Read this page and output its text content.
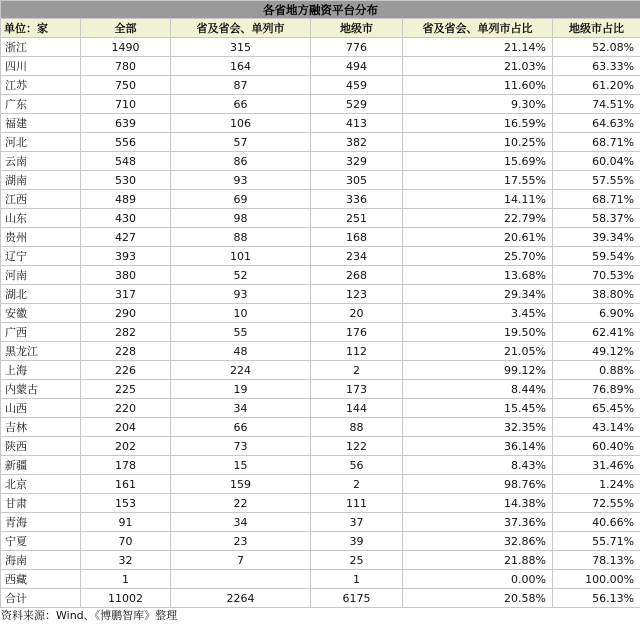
各省地方融资平台分布					
单位：家	全部	省及省会、单列市	地级市	省及省会、单列市占比	地级市占比
浙江	1490	315	776	21.14%	52.08%
四川	780	164	494	21.03%	63.33%
江苏	750	87	459	11.60%	61.20%
广东	710	66	529	9.30%	74.51%
福建	639	106	413	16.59%	64.63%
河北	556	57	382	10.25%	68.71%
云南	548	86	329	15.69%	60.04%
湖南	530	93	305	17.55%	57.55%
江西	489	69	336	14.11%	68.71%
山东	430	98	251	22.79%	58.37%
贵州	427	88	168	20.61%	39.34%
辽宁	393	101	234	25.70%	59.54%
河南	380	52	268	13.68%	70.53%
湖北	317	93	123	29.34%	38.80%
安徽	290	10	20	3.45%	6.90%
广西	282	55	176	19.50%	62.41%
黑龙江	228	48	112	21.05%	49.12%
上海	226	224	2	99.12%	0.88%
内蒙古	225	19	173	8.44%	76.89%
山西	220	34	144	15.45%	65.45%
吉林	204	66	88	32.35%	43.14%
陕西	202	73	122	36.14%	60.40%
新疆	178	15	56	8.43%	31.46%
北京	161	159	2	98.76%	1.24%
甘肃	153	22	111	14.38%	72.55%
青海	91	34	37	37.36%	40.66%
宁夏	70	23	39	32.86%	55.71%
海南	32	7	25	21.88%	78.13%
西藏	1		1	0.00%	100.00%
合计	11002	2264	6175	20.58%	56.13%
资料来源：Wind、《博鹏智库》整理
